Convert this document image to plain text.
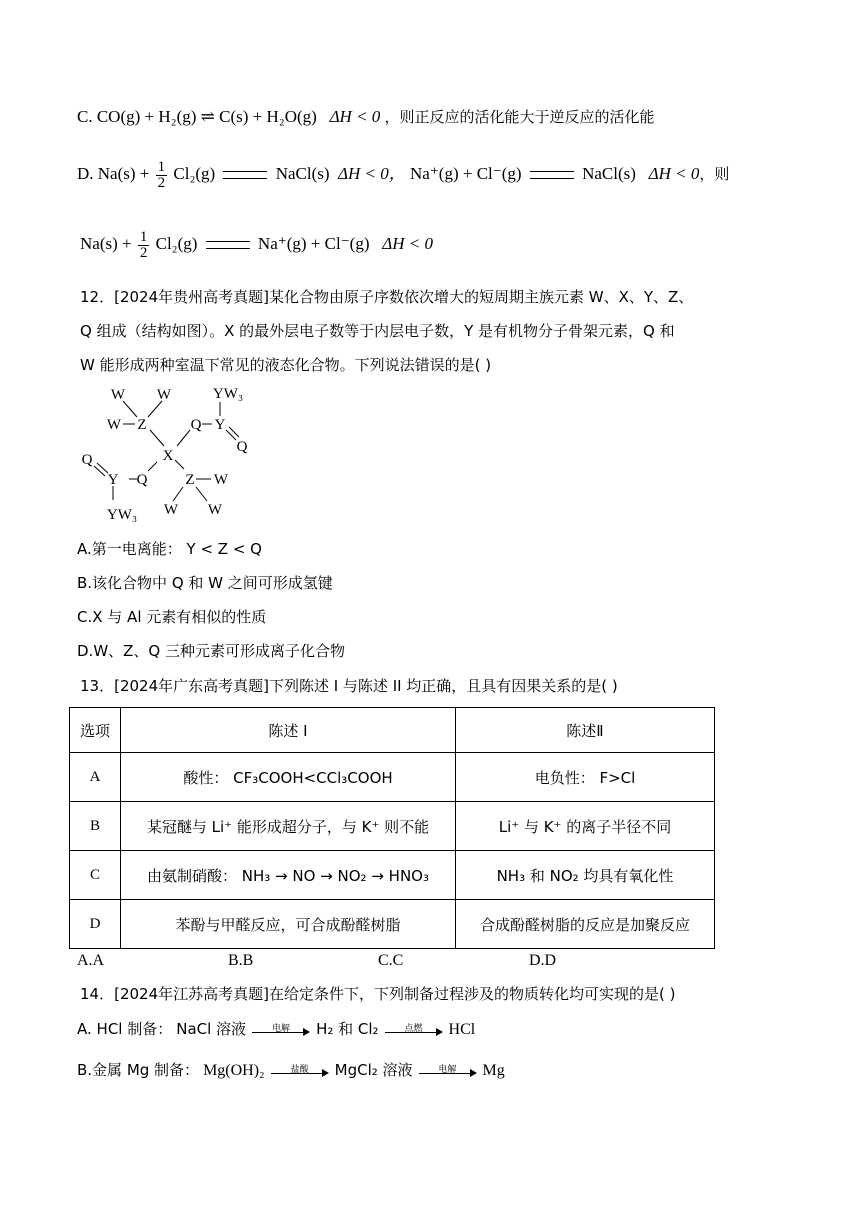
C. CO(g) + H₂(g) ⇌ C(s) + H₂O(g) ΔH < 0 ，则正反应的活化能大于逆反应的活化能
D. $Na(s) + \frac{1}{2} Cl_2(g)$	NaCl(s) ΔH < 0， Na⁺(g) + Cl⁻(g)	NaCl(s) ΔH < 0，则
$Na(s) + \frac{1}{2} Cl_2(g)$	Na⁺(g) + Cl⁻(g) ΔH < 0
12．[2024年贵州高考真题]某化合物由原子序数依次增大的短周期主族元素 W、X、Y、Z、
Q 组成（结构如图）。X 的最外层电子数等于内层电子数，Y 是有机物分子骨架元素，Q 和
W 能形成两种室温下常见的液态化合物。下列说法错误的是( )
W W
W Z
YW₃
Q Y
Q
X
Q
Y Q	Z W
W W
YW₃
A.第一电离能： Y < Z < Q
B.该化合物中 Q 和 W 之间可形成氢键
C.X 与 Al 元素有相似的性质
D.W、Z、Q 三种元素可形成离子化合物
13．[2024年广东高考真题]下列陈述 I 与陈述 II 均正确，且具有因果关系的是( )
选项	陈述 I	陈述Ⅱ
A	酸性： CF₃COOH<CCl₃COOH	电负性： F>Cl
B	某冠醚与 Li⁺ 能形成超分子，与 K⁺ 则不能	Li⁺ 与 K⁺ 的离子半径不同
C	由氨制硝酸： NH₃ → NO → NO₂ → HNO₃	NH₃ 和 NO₂ 均具有氧化性
D	苯酚与甲醛反应，可合成酚醛树脂	合成酚醛树脂的反应是加聚反应
A.A	B.B	C.C	D.D
14．[2024年江苏高考真题]在给定条件下，下列制备过程涉及的物质转化均可实现的是( )
A. HCl 制备： NaCl 溶液	电解	H₂ 和 Cl₂	点燃	HCl
B.金属 Mg 制备： Mg(OH)₂	盐酸	MgCl₂ 溶液	电解	Mg
